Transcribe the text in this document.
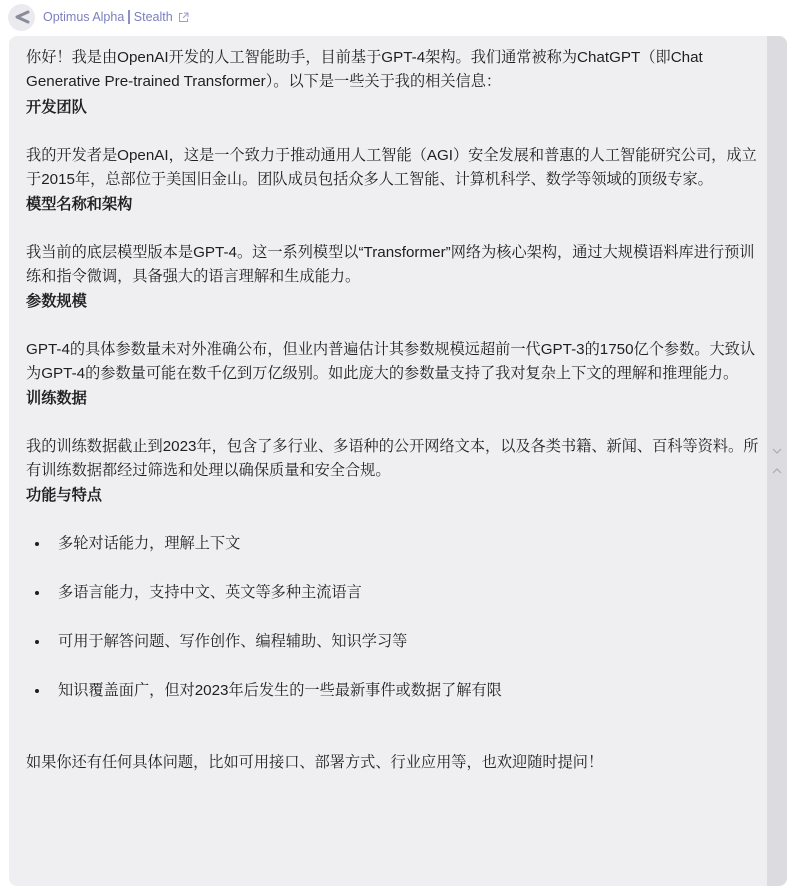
Optimus Alpha Stealth

你好！我是由OpenAI开发的人工智能助手，目前基于GPT-4架构。我们通常被称为ChatGPT（即Chat Generative Pre-trained Transformer）。以下是一些关于我的相关信息：

开发团队

我的开发者是OpenAI，这是一个致力于推动通用人工智能（AGI）安全发展和普惠的人工智能研究公司，成立于2015年，总部位于美国旧金山。团队成员包括众多人工智能、计算机科学、数学等领域的顶级专家。

模型名称和架构

我当前的底层模型版本是GPT-4。这一系列模型以“Transformer”网络为核心架构，通过大规模语料库进行预训练和指令微调，具备强大的语言理解和生成能力。

参数规模

GPT-4的具体参数量未对外准确公布，但业内普遍估计其参数规模远超前一代GPT-3的1750亿个参数。大致认为GPT-4的参数量可能在数千亿到万亿级别。如此庞大的参数量支持了我对复杂上下文的理解和推理能力。

训练数据

我的训练数据截止到2023年，包含了多行业、多语种的公开网络文本，以及各类书籍、新闻、百科等资料。所有训练数据都经过筛选和处理以确保质量和安全合规。

功能与特点

• 多轮对话能力，理解上下文
• 多语言能力，支持中文、英文等多种主流语言
• 可用于解答问题、写作创作、编程辅助、知识学习等
• 知识覆盖面广，但对2023年后发生的一些最新事件或数据了解有限

如果你还有任何具体问题，比如可用接口、部署方式、行业应用等，也欢迎随时提问！
